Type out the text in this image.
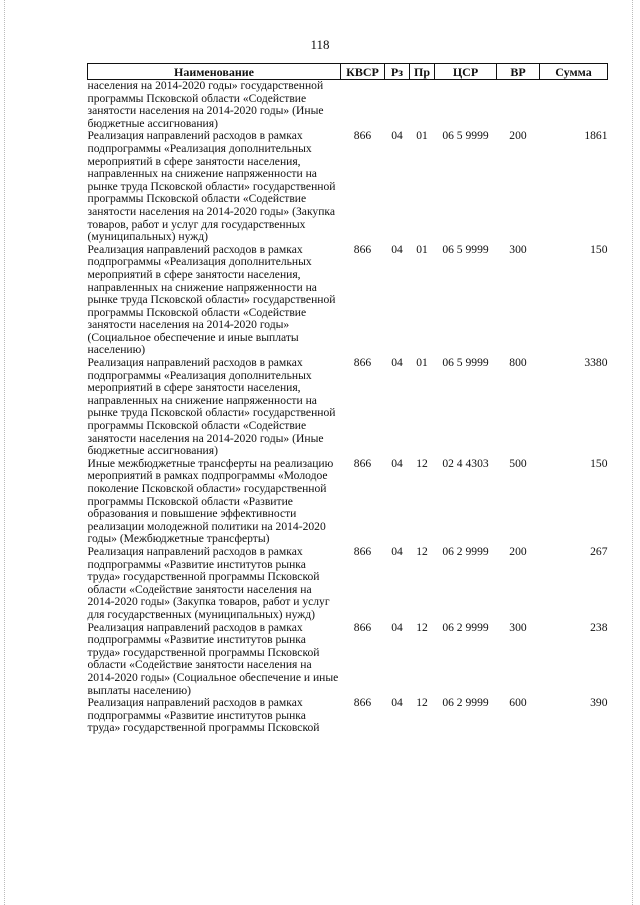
118
Наименование	КВСР	Рз	Пр	ЦСР	ВР	Сумма
населения на 2014-2020 годы» государственной программы Псковской области «Содействие занятости населения на 2014-2020 годы» (Иные бюджетные ассигнования)						
Реализация направлений расходов в рамках подпрограммы «Реализация дополнительных мероприятий в сфере занятости населения, направленных на снижение напряженности на рынке труда Псковской области» государственной программы Псковской области «Содействие занятости населения на 2014-2020 годы» (Закупка товаров, работ и услуг для государственных (муниципальных) нужд)	866	04	01	06 5 9999	200	1861
Реализация направлений расходов в рамках подпрограммы «Реализация дополнительных мероприятий в сфере занятости населения, направленных на снижение напряженности на рынке труда Псковской области» государственной программы Псковской области «Содействие занятости населения на 2014-2020 годы» (Социальное обеспечение и иные выплаты населению)	866	04	01	06 5 9999	300	150
Реализация направлений расходов в рамках подпрограммы «Реализация дополнительных мероприятий в сфере занятости населения, направленных на снижение напряженности на рынке труда Псковской области» государственной программы Псковской области «Содействие занятости населения на 2014-2020 годы» (Иные бюджетные ассигнования)	866	04	01	06 5 9999	800	3380
Иные межбюджетные трансферты на реализацию мероприятий в рамках подпрограммы «Молодое поколение Псковской области» государственной программы Псковской области «Развитие образования и повышение эффективности реализации молодежной политики на 2014-2020 годы» (Межбюджетные трансферты)	866	04	12	02 4 4303	500	150
Реализация направлений расходов в рамках подпрограммы «Развитие институтов рынка труда» государственной программы Псковской области «Содействие занятости населения на 2014-2020 годы» (Закупка товаров, работ и услуг для государственных (муниципальных) нужд)	866	04	12	06 2 9999	200	267
Реализация направлений расходов в рамках подпрограммы «Развитие институтов рынка труда» государственной программы Псковской области «Содействие занятости населения на 2014-2020 годы» (Социальное обеспечение и иные выплаты населению)	866	04	12	06 2 9999	300	238
Реализация направлений расходов в рамках подпрограммы «Развитие институтов рынка труда» государственной программы Псковской	866	04	12	06 2 9999	600	390
